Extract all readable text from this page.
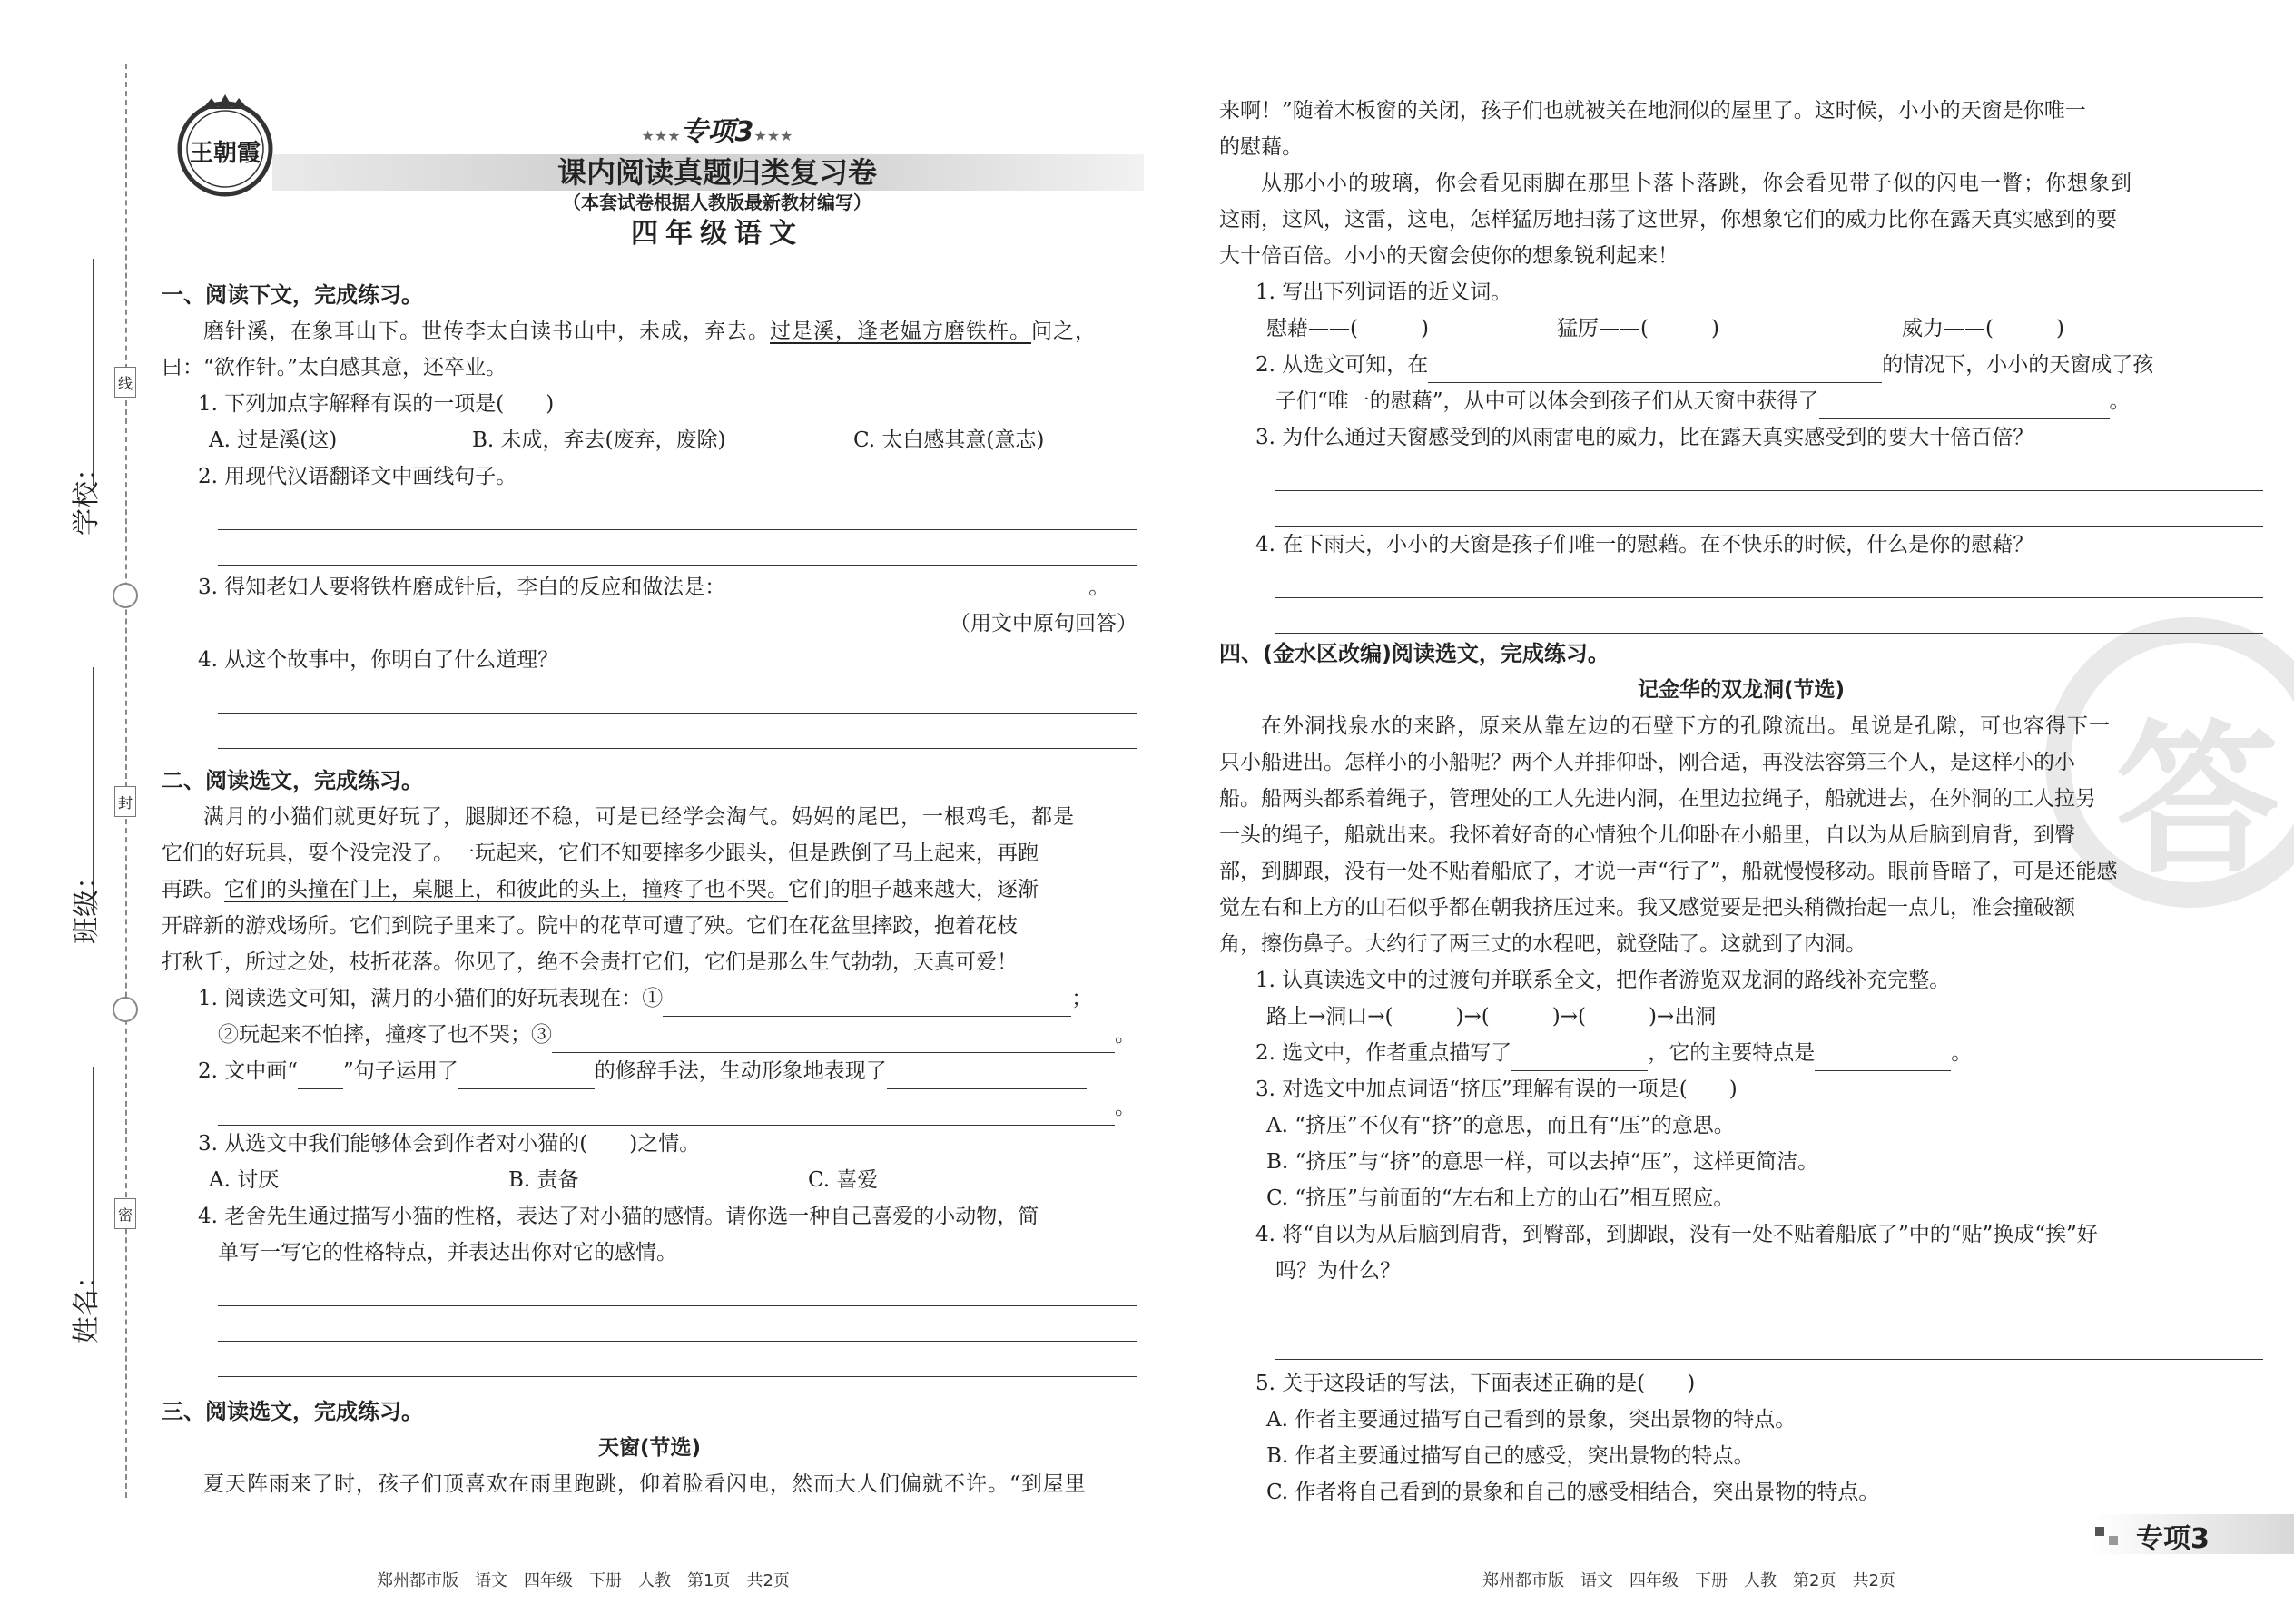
学校：
班级：
姓名：
线
封
密
王朝霞
★★★专项3★★★
课内阅读真题归类复习卷
（本套试卷根据人教版最新教材编写）
四年级语文
一、阅读下文，完成练习。
磨针溪，在象耳山下。世传李太白读书山中，未成，弃去。过是溪，逢老媪方磨铁杵。问之，
曰：“欲作针。”太白感其意，还卒业。
1. 下列加点字解释有误的一项是(　　)
A. 过是溪(这)	B. 未成，弃去(废弃，废除)	C. 太白感其意(意志)
2. 用现代汉语翻译文中画线句子。
3. 得知老妇人要将铁杵磨成针后，李白的反应和做法是：	。
（用文中原句回答）
4. 从这个故事中，你明白了什么道理？
二、阅读选文，完成练习。
满月的小猫们就更好玩了，腿脚还不稳，可是已经学会淘气。妈妈的尾巴，一根鸡毛，都是
它们的好玩具，耍个没完没了。一玩起来，它们不知要摔多少跟头，但是跌倒了马上起来，再跑
再跌。它们的头撞在门上，桌腿上，和彼此的头上，撞疼了也不哭。它们的胆子越来越大，逐渐
开辟新的游戏场所。它们到院子里来了。院中的花草可遭了殃。它们在花盆里摔跤，抱着花枝
打秋千，所过之处，枝折花落。你见了，绝不会责打它们，它们是那么生气勃勃，天真可爱！
1. 阅读选文可知，满月的小猫们的好玩表现在：①	；
②玩起来不怕摔，撞疼了也不哭；③	。
2. 文中画“ ”句子运用了	的修辞手法，生动形象地表现了
。
3. 从选文中我们能够体会到作者对小猫的(　　)之情。
A. 讨厌	B. 责备	C. 喜爱
4. 老舍先生通过描写小猫的性格，表达了对小猫的感情。请你选一种自己喜爱的小动物，简
单写一写它的性格特点，并表达出你对它的感情。
三、阅读选文，完成练习。
天窗(节选)
夏天阵雨来了时，孩子们顶喜欢在雨里跑跳，仰着脸看闪电，然而大人们偏就不许。“到屋里
郑州都市版　语文　四年级　下册　人教　第1页　共2页
答
来啊！”随着木板窗的关闭，孩子们也就被关在地洞似的屋里了。这时候，小小的天窗是你唯一
的慰藉。
从那小小的玻璃，你会看见雨脚在那里卜落卜落跳，你会看见带子似的闪电一瞥；你想象到
这雨，这风，这雷，这电，怎样猛厉地扫荡了这世界，你想象它们的威力比你在露天真实感到的要
大十倍百倍。小小的天窗会使你的想象锐利起来！
1. 写出下列词语的近义词。
慰藉——(　　　)	猛厉——(　　　)	威力——(　　　)
2. 从选文可知，在	的情况下，小小的天窗成了孩
子们“唯一的慰藉”，从中可以体会到孩子们从天窗中获得了	。
3. 为什么通过天窗感受到的风雨雷电的威力，比在露天真实感受到的要大十倍百倍？
4. 在下雨天，小小的天窗是孩子们唯一的慰藉。在不快乐的时候，什么是你的慰藉？
四、(金水区改编)阅读选文，完成练习。
记金华的双龙洞(节选)
在外洞找泉水的来路，原来从靠左边的石壁下方的孔隙流出。虽说是孔隙，可也容得下一
只小船进出。怎样小的小船呢？两个人并排仰卧，刚合适，再没法容第三个人，是这样小的小
船。船两头都系着绳子，管理处的工人先进内洞，在里边拉绳子，船就进去，在外洞的工人拉另
一头的绳子，船就出来。我怀着好奇的心情独个儿仰卧在小船里，自以为从后脑到肩背，到臀
部，到脚跟，没有一处不贴着船底了，才说一声“行了”，船就慢慢移动。眼前昏暗了，可是还能感
觉左右和上方的山石似乎都在朝我挤压过来。我又感觉要是把头稍微抬起一点儿，准会撞破额
角，擦伤鼻子。大约行了两三丈的水程吧，就登陆了。这就到了内洞。
1. 认真读选文中的过渡句并联系全文，把作者游览双龙洞的路线补充完整。
路上→洞口→(　　　)→(　　　)→(　　　)→出洞
2. 选文中，作者重点描写了	，它的主要特点是	。
3. 对选文中加点词语“挤压”理解有误的一项是(　　)
A. “挤压”不仅有“挤”的意思，而且有“压”的意思。
B. “挤压”与“挤”的意思一样，可以去掉“压”，这样更简洁。
C. “挤压”与前面的“左右和上方的山石”相互照应。
4. 将“自以为从后脑到肩背，到臀部，到脚跟，没有一处不贴着船底了”中的“贴”换成“挨”好
吗？为什么？
5. 关于这段话的写法，下面表述正确的是(　　)
A. 作者主要通过描写自己看到的景象，突出景物的特点。
B. 作者主要通过描写自己的感受，突出景物的特点。
C. 作者将自己看到的景象和自己的感受相结合，突出景物的特点。
郑州都市版　语文　四年级　下册　人教　第2页　共2页
专项3
